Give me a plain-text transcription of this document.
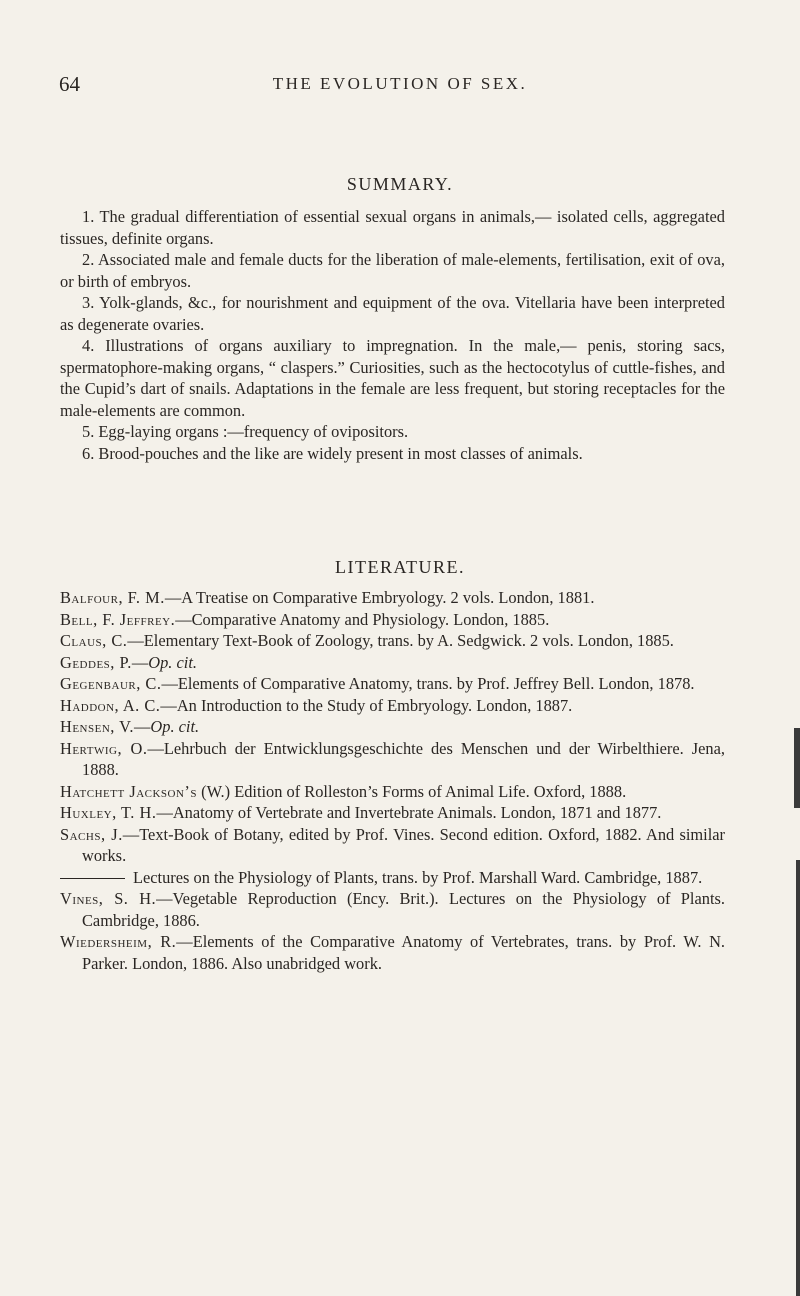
64	THE EVOLUTION OF SEX.
SUMMARY.

1. The gradual differentiation of essential sexual organs in animals,— isolated cells, aggregated tissues, definite organs.

2. Associated male and female ducts for the liberation of male-elements, fertilisation, exit of ova, or birth of embryos.

3. Yolk-glands, &c., for nourishment and equipment of the ova. Vitellaria have been interpreted as degenerate ovaries.

4. Illustrations of organs auxiliary to impregnation. In the male,— penis, storing sacs, spermatophore-making organs, “ claspers.” Curiosities, such as the hectocotylus of cuttle-fishes, and the Cupid’s dart of snails. Adaptations in the female are less frequent, but storing receptacles for the male-elements are common.

5. Egg-laying organs :—frequency of ovipositors.

6. Brood-pouches and the like are widely present in most classes of animals.

LITERATURE.

Balfour, F. M.—A Treatise on Comparative Embryology. 2 vols. London, 1881.

Bell, F. Jeffrey.—Comparative Anatomy and Physiology. London, 1885.

Claus, C.—Elementary Text-Book of Zoology, trans. by A. Sedgwick. 2 vols. London, 1885.

Geddes, P.—Op. cit.

Gegenbaur, C.—Elements of Comparative Anatomy, trans. by Prof. Jeffrey Bell. London, 1878.

Haddon, A. C.—An Introduction to the Study of Embryology. London, 1887.

Hensen, V.—Op. cit.

Hertwig, O.—Lehrbuch der Entwicklungsgeschichte des Menschen und der Wirbelthiere. Jena, 1888.

Hatchett Jackson’s (W.) Edition of Rolleston’s Forms of Animal Life. Oxford, 1888.

Huxley, T. H.—Anatomy of Vertebrate and Invertebrate Animals. London, 1871 and 1877.

Sachs, J.—Text-Book of Botany, edited by Prof. Vines. Second edition. Oxford, 1882. And similar works.

Lectures on the Physiology of Plants, trans. by Prof. Marshall Ward. Cambridge, 1887.

Vines, S. H.—Vegetable Reproduction (Ency. Brit.). Lectures on the Physiology of Plants. Cambridge, 1886.

Wiedersheim, R.—Elements of the Comparative Anatomy of Vertebrates, trans. by Prof. W. N. Parker. London, 1886. Also unabridged work.
